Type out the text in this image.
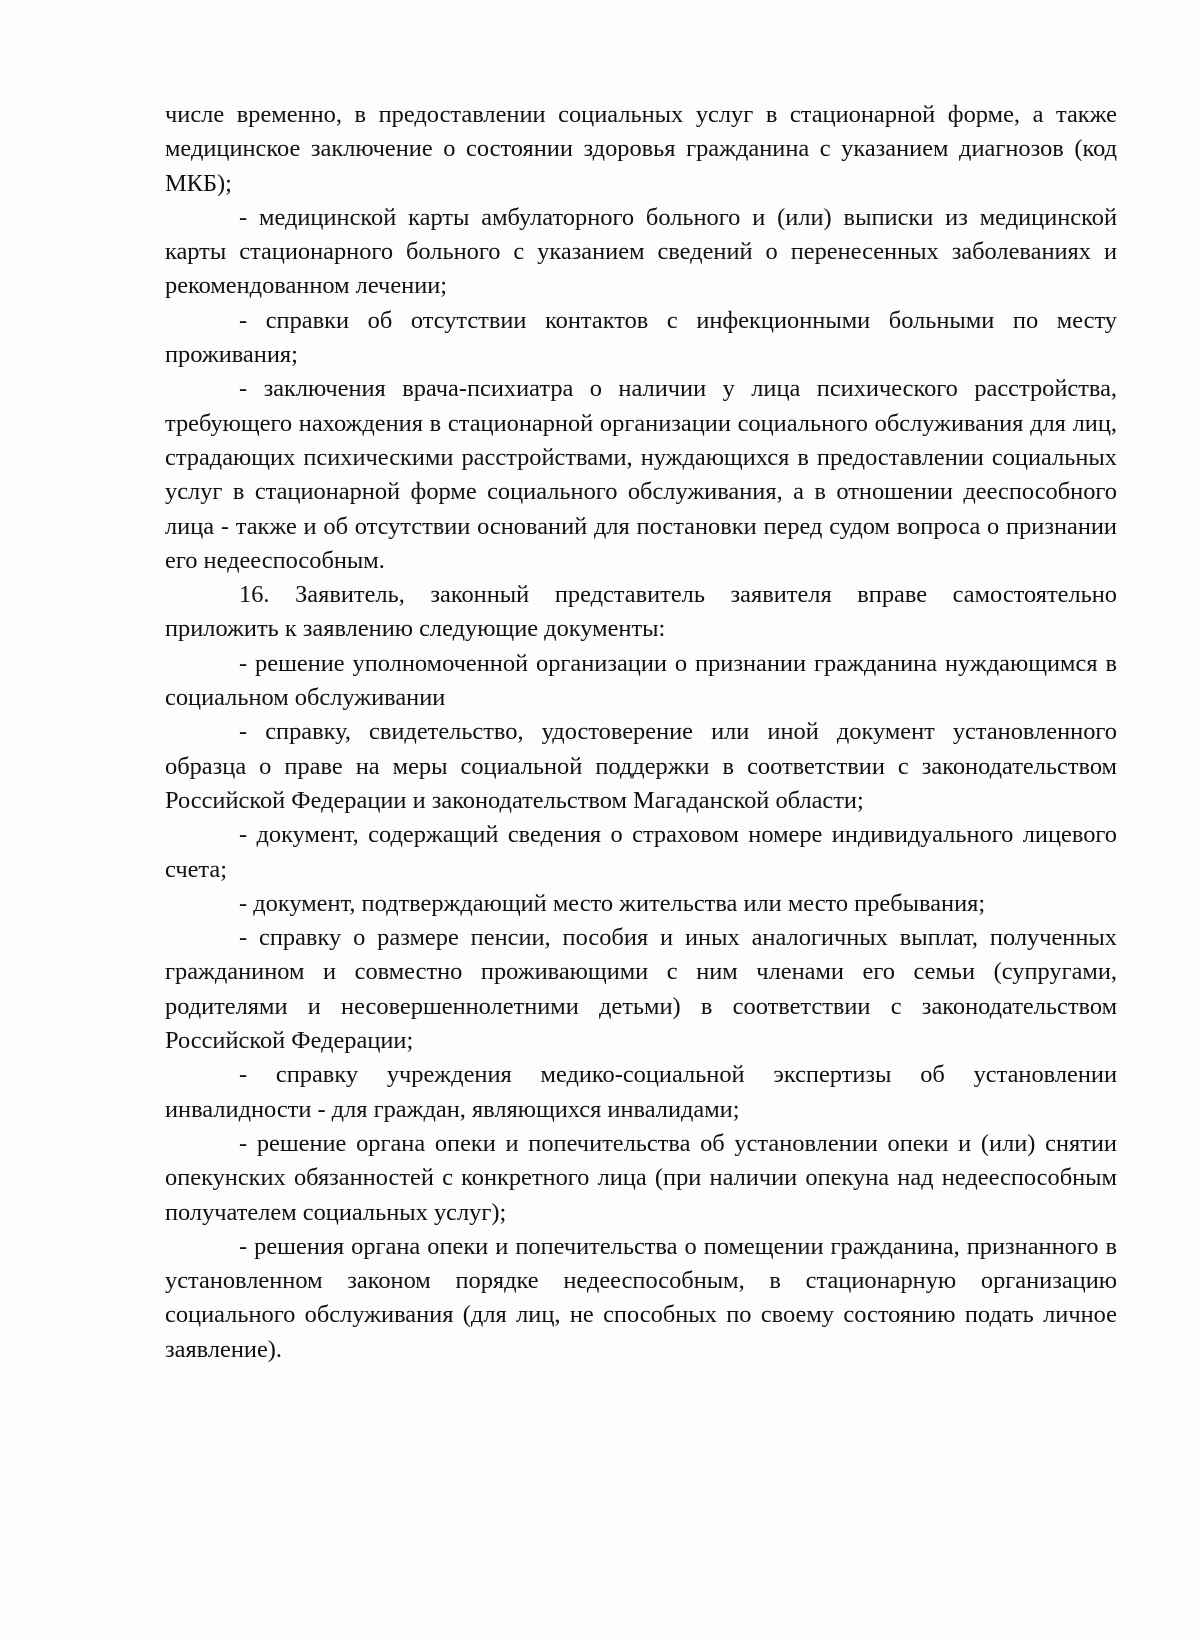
числе временно, в предоставлении социальных услуг в стационарной форме, а также медицинское заключение о состоянии здоровья гражданина с указанием диагнозов (код МКБ);

- медицинской карты амбулаторного больного и (или) выписки из медицинской карты стационарного больного с указанием сведений о перенесенных заболеваниях и рекомендованном лечении;

- справки об отсутствии контактов с инфекционными больными по месту проживания;

- заключения врача-психиатра о наличии у лица психического расстройства, требующего нахождения в стационарной организации социального обслуживания для лиц, страдающих психическими расстройствами, нуждающихся в предоставлении социальных услуг в стационарной форме социального обслуживания, а в отношении дееспособного лица - также и об отсутствии оснований для постановки перед судом вопроса о признании его недееспособным.

16. Заявитель, законный представитель заявителя вправе самостоятельно приложить к заявлению следующие документы:

- решение уполномоченной организации о признании гражданина нуждающимся в социальном обслуживании

- справку, свидетельство, удостоверение или иной документ установленного образца о праве на меры социальной поддержки в соответствии с законодательством Российской Федерации и законодательством Магаданской области;

- документ, содержащий сведения о страховом номере индивидуального лицевого счета;

- документ, подтверждающий место жительства или место пребывания;

- справку о размере пенсии, пособия и иных аналогичных выплат, полученных гражданином и совместно проживающими с ним членами его семьи (супругами, родителями и несовершеннолетними детьми) в соответствии с законодательством Российской Федерации;

- справку учреждения медико-социальной экспертизы об установлении инвалидности - для граждан, являющихся инвалидами;

- решение органа опеки и попечительства об установлении опеки и (или) снятии опекунских обязанностей с конкретного лица (при наличии опекуна над недееспособным получателем социальных услуг);

- решения органа опеки и попечительства о помещении гражданина, признанного в установленном законом порядке недееспособным, в стационарную организацию социального обслуживания (для лиц, не способных по своему состоянию подать личное заявление).
